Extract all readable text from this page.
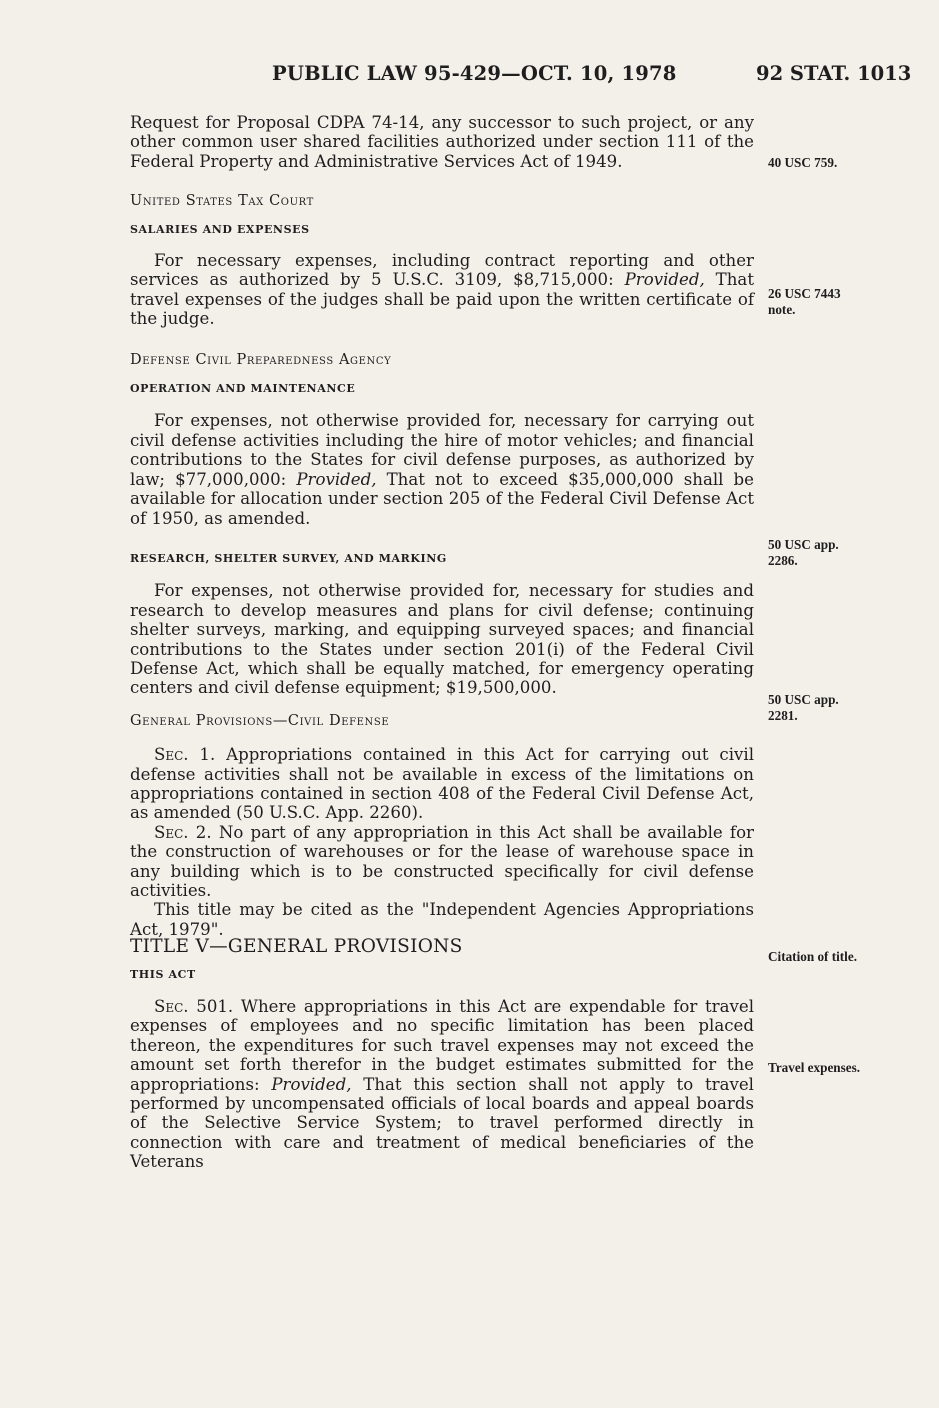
PUBLIC LAW 95-429—OCT. 10, 1978	92 STAT. 1013

Request for Proposal CDPA 74-14, any successor to such project, or any other common user shared facilities authorized under section 111 of the Federal Property and Administrative Services Act of 1949.

United States Tax Court

SALARIES AND EXPENSES

For necessary expenses, including contract reporting and other services as authorized by 5 U.S.C. 3109, $8,715,000: Provided, That travel expenses of the judges shall be paid upon the written certificate of the judge.

Defense Civil Preparedness Agency

OPERATION AND MAINTENANCE

For expenses, not otherwise provided for, necessary for carrying out civil defense activities including the hire of motor vehicles; and financial contributions to the States for civil defense purposes, as authorized by law; $77,000,000: Provided, That not to exceed $35,000,000 shall be available for allocation under section 205 of the Federal Civil Defense Act of 1950, as amended.

RESEARCH, SHELTER SURVEY, AND MARKING

For expenses, not otherwise provided for, necessary for studies and research to develop measures and plans for civil defense; continuing shelter surveys, marking, and equipping surveyed spaces; and financial contributions to the States under section 201(i) of the Federal Civil Defense Act, which shall be equally matched, for emergency operating centers and civil defense equipment; $19,500,000.

General Provisions—Civil Defense

Sec. 1. Appropriations contained in this Act for carrying out civil defense activities shall not be available in excess of the limitations on appropriations contained in section 408 of the Federal Civil Defense Act, as amended (50 U.S.C. App. 2260).

Sec. 2. No part of any appropriation in this Act shall be available for the construction of warehouses or for the lease of warehouse space in any building which is to be constructed specifically for civil defense activities.

This title may be cited as the "Independent Agencies Appropriations Act, 1979".

TITLE V—GENERAL PROVISIONS

THIS ACT

Sec. 501. Where appropriations in this Act are expendable for travel expenses of employees and no specific limitation has been placed thereon, the expenditures for such travel expenses may not exceed the amount set forth therefor in the budget estimates submitted for the appropriations: Provided, That this section shall not apply to travel performed by uncompensated officials of local boards and appeal boards of the Selective Service System; to travel performed directly in connection with care and treatment of medical beneficiaries of the Veterans

40 USC 759.
26 USC 7443
note.
50 USC app.
2286.
50 USC app.
2281.
Citation of title.
Travel expenses.
